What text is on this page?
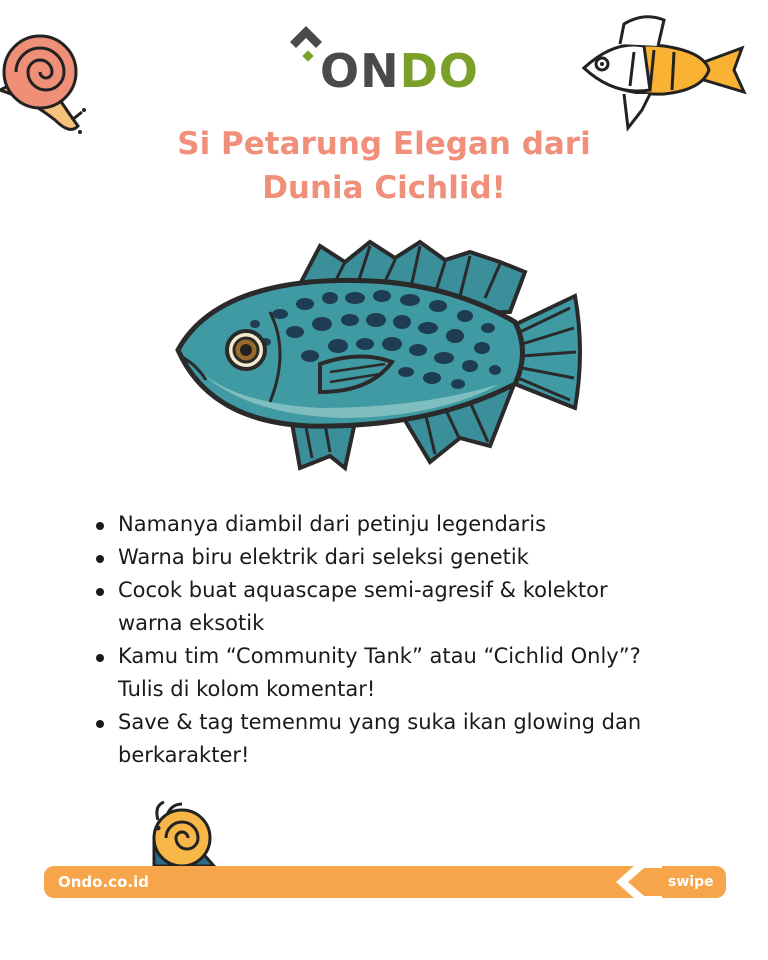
ONDO
Si Petarung Elegan dari
Dunia Cichlid!
Namanya diambil dari petinju legendaris
Warna biru elektrik dari seleksi genetik
Cocok buat aquascape semi-agresif & kolektor
warna eksotik
Kamu tim “Community Tank” atau “Cichlid Only”?
Tulis di kolom komentar!
Save & tag temenmu yang suka ikan glowing dan
berkarakter!
Ondo.co.id	swipe
